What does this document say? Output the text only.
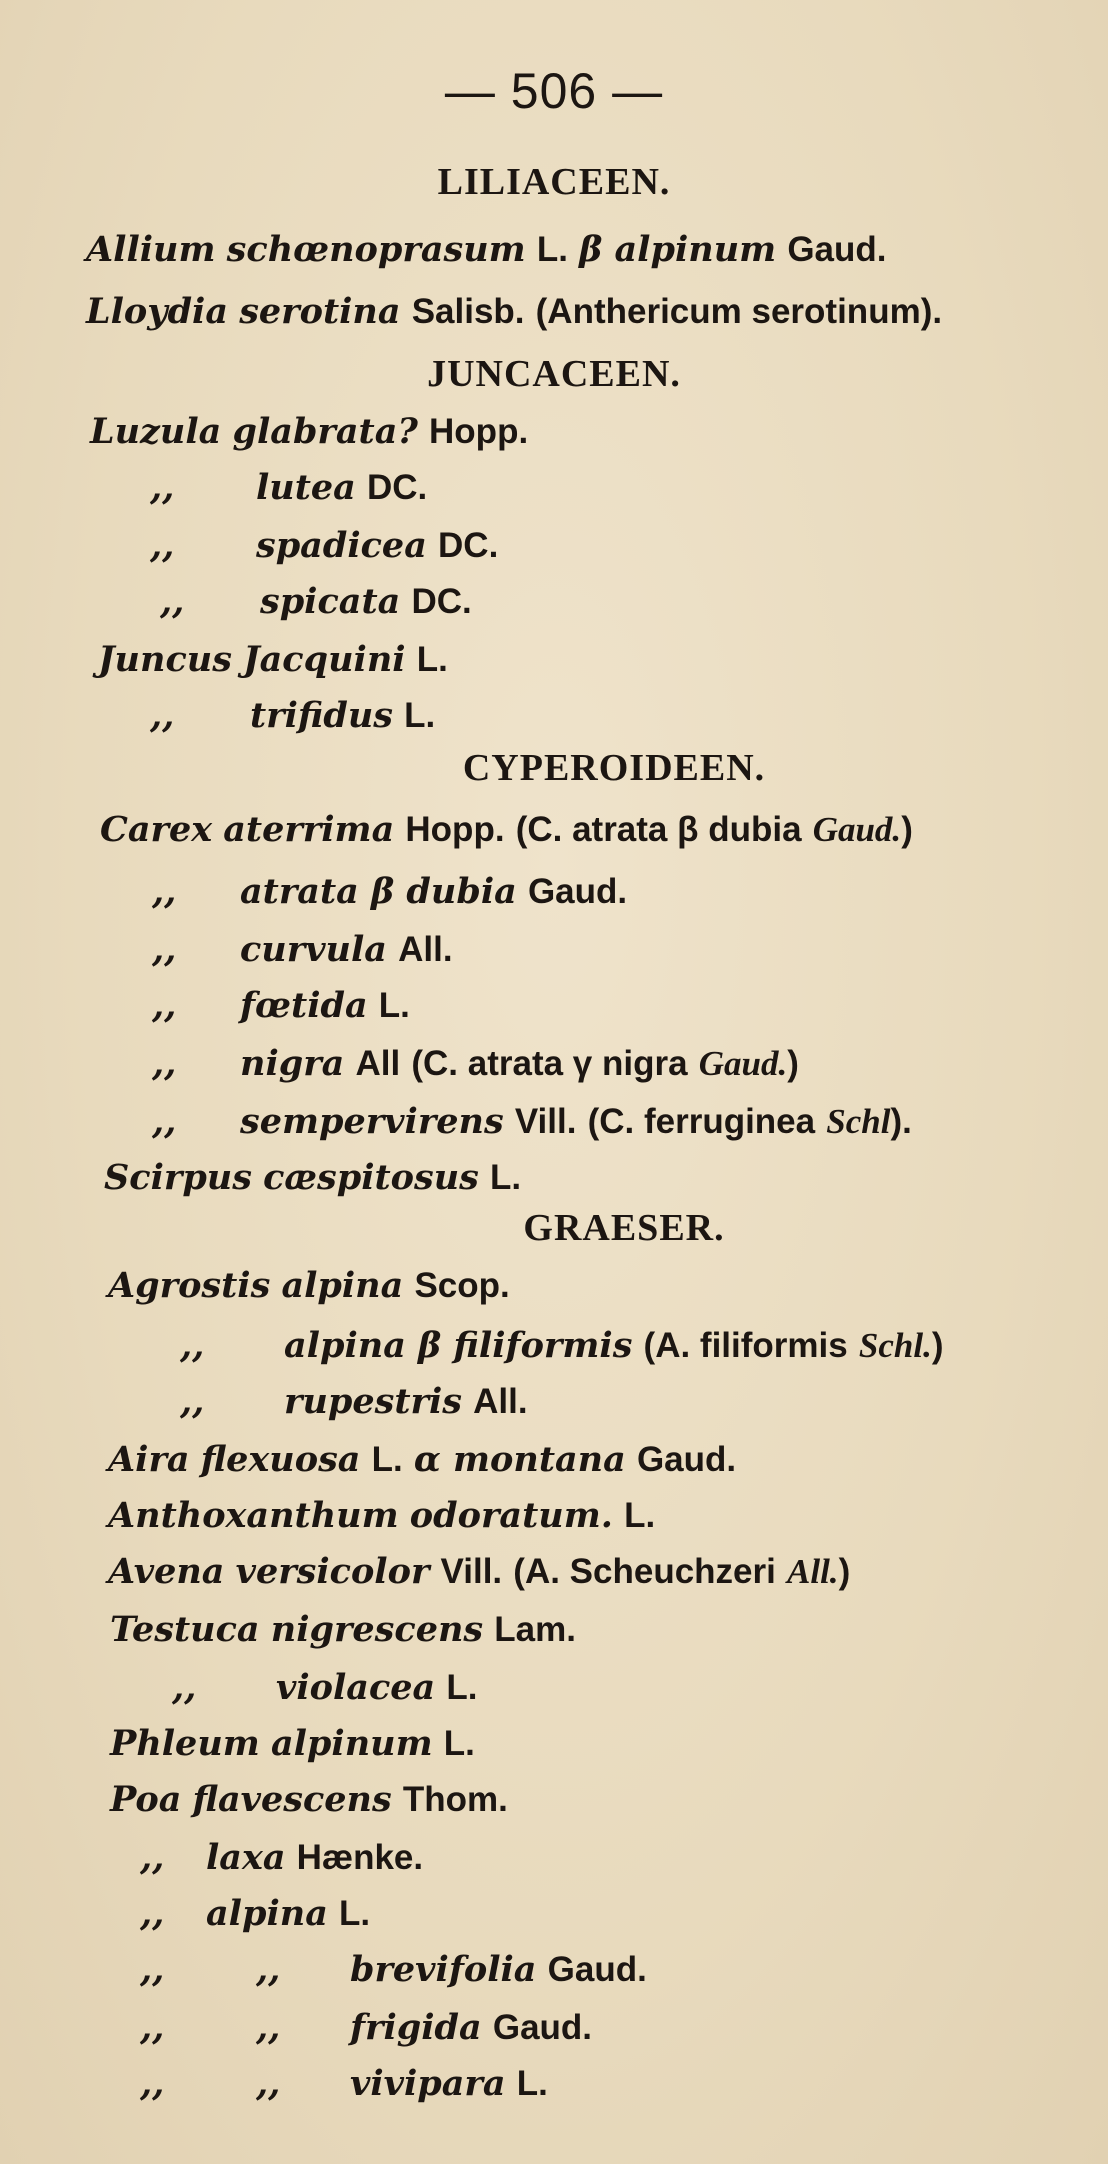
— 506 —
LILIACEEN.
Allium schœnoprasum L. β alpinum Gaud.
Lloydia serotina Salisb. (Anthericum serotinum).
JUNCACEEN.
Luzula glabrata? Hopp.
,, lutea DC.
,, spadicea DC.
,, spicata DC.
Juncus Jacquini L.
,, trifidus L.
CYPEROIDEEN.
Carex aterrima Hopp. (C. atrata β dubia Gaud.)
,, atrata β dubia Gaud.
,, curvula All.
,, fœtida L.
,, nigra All (C. atrata γ nigra Gaud.)
,, sempervirens Vill. (C. ferruginea Schl).
Scirpus cæspitosus L.
GRAESER.
Agrostis alpina Scop.
,, alpina β filiformis (A. filiformis Schl.)
,, rupestris All.
Aira flexuosa L. α montana Gaud.
Anthoxanthum odoratum. L.
Avena versicolor Vill. (A. Scheuchzeri All.)
Testuca nigrescens Lam.
,, violacea L.
Phleum alpinum L.
Poa flavescens Thom.
,, laxa Hænke.
,, alpina L.
,,	,, brevifolia Gaud.
,,	,, frigida Gaud.
,,	,, vivipara L.
